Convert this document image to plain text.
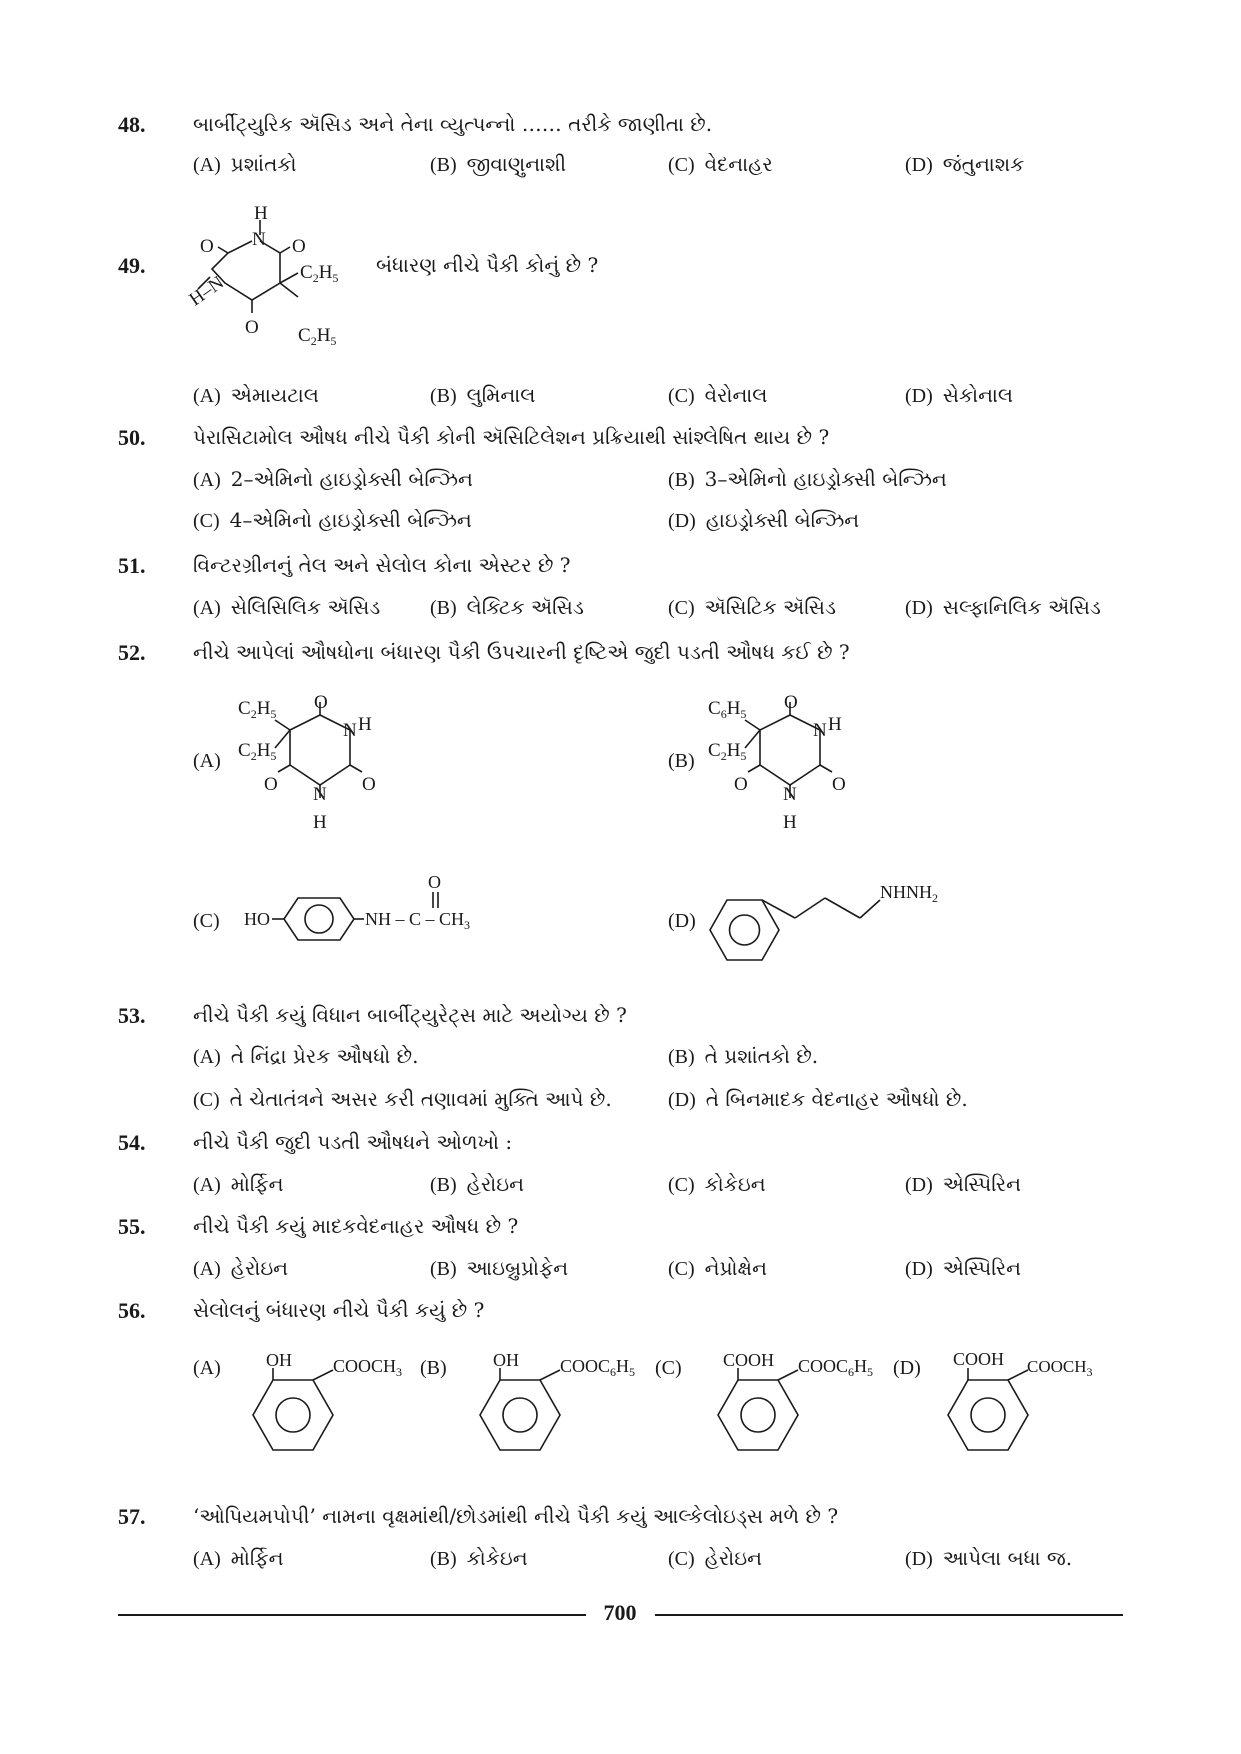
48. બાર્બીટ્યુરિક ઍસિડ અને તેના વ્યુત્પન્નો …… તરીકે જાણીતા છે.
(A) પ્રશાંતકો	(B) જીવાણુનાશી	(C) વેદનાહર	(D) જંતુનાશક
49.	બંધારણ નીચે પૈકી કોનું છે ?
H
N
O	O
O
H–N	$C_2H_5$
$C_2H_5$
(A) એમાયટાલ	(B) લુમિનાલ	(C) વેરોનાલ	(D) સેકોનાલ
50. પેરાસિટામોલ ઔષધ નીચે પૈકી કોની ઍસિટિલેશન પ્રક્રિયાથી સાંશ્લેષિત થાય છે ?
(A) 2–એમિનો હાઇડ્રોક્સી બેન્ઝિન	(B) 3–એમિનો હાઇડ્રોક્સી બેન્ઝિન
(C) 4–એમિનો હાઇડ્રોક્સી બેન્ઝિન	(D) હાઇડ્રોક્સી બેન્ઝિન
51. વિન્ટરગ્રીનનું તેલ અને સેલોલ કોના એસ્ટર છે ?
(A) સેલિસિલિક ઍસિડ (B) લેક્ટિક ઍસિડ	(C) ઍસિટિક ઍસિડ	(D) સલ્ફાનિલિક ઍસિડ
52. નીચે આપેલાં ઔષધોના બંધારણ પૈકી ઉપચારની દૃષ્ટિએ જુદી પડતી ઔષધ કઈ છે ?
(A)
$C_2H_5$
$C_2H_5$
O
N H
O
O N
H
(B)
$C_6H_5$
$C_2H_5$
O
N H
O
O N
H
(C)	HO	NH – C – $CH_3$
O
(D)
$NHNH_2$
53. નીચે પૈકી કયું વિધાન બાર્બીટ્યુરેટ્સ માટે અયોગ્ય છે ?
(A) તે નિંદ્રા પ્રેરક ઔષધો છે.	(B) તે પ્રશાંતકો છે.
(C) તે ચેતાતંત્રને અસર કરી તણાવમાં મુક્તિ આપે છે.	(D) તે બિનમાદક વેદનાહર ઔષધો છે.
54. નીચે પૈકી જુદી પડતી ઔષધને ઓળખો :
(A) મોર્ફિન	(B) હેરોઇન	(C) કોકેઇન	(D) એસ્પિરિન
55. નીચે પૈકી કયું માદકવેદનાહર ઔષધ છે ?
(A) હેરોઇન	(B) આઇબ્રુપ્રોફેન	(C) નેપ્રોક્ષેન	(D) એસ્પિરિન
56. સેલોલનું બંધારણ નીચે પૈકી કયું છે ?
(A)	OH $COOCH_3$ (B)	OH $COOC_6H_5$ (C)	COOH $COOC_6H_5$ (D)	COOH $COOCH_3$
57. ‘ઓપિયમપોપી’ નામના વૃક્ષમાંથી/છોડમાંથી નીચે પૈકી કયું આલ્કેલોઇડ્સ મળે છે ?
(A) મોર્ફિન	(B) કોકેઇન	(C) હેરોઇન	(D) આપેલા બધા જ.
700
